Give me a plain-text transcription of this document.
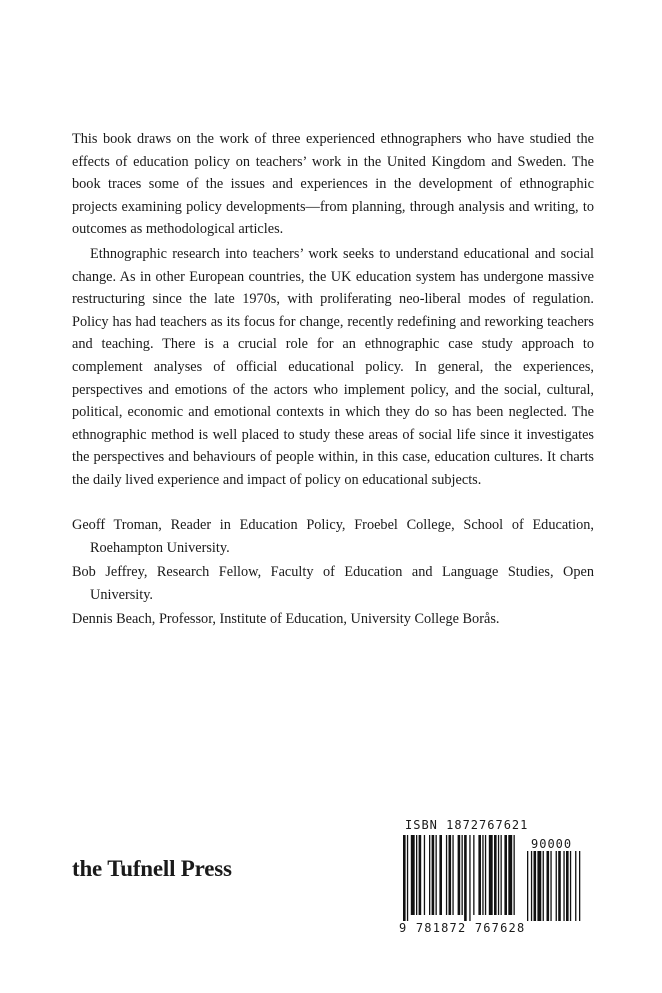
This book draws on the work of three experienced ethnographers who have studied the effects of education policy on teachers’ work in the United Kingdom and Sweden. The book traces some of the issues and experiences in the development of ethnographic projects examining policy developments—from planning, through analysis and writing, to outcomes as methodological articles.

Ethnographic research into teachers’ work seeks to understand educational and social change. As in other European countries, the UK education system has undergone massive restructuring since the late 1970s, with proliferating neo-liberal modes of regulation. Policy has had teachers as its focus for change, recently redefining and reworking teachers and teaching. There is a crucial role for an ethnographic case study approach to complement analyses of official educational policy. In general, the experiences, perspectives and emotions of the actors who implement policy, and the social, cultural, political, economic and emotional contexts in which they do so has been neglected. The ethnographic method is well placed to study these areas of social life since it investigates the perspectives and behaviours of people within, in this case, education cultures. It charts the daily lived experience and impact of policy on educational subjects.

Geoff Troman, Reader in Education Policy, Froebel College, School of Education, Roehampton University.

Bob Jeffrey, Research Fellow, Faculty of Education and Language Studies, Open University.

Dennis Beach, Professor, Institute of Education, University College Borås.

the Tufnell Press
ISBN 1872767621
90000
9 781872 767628
